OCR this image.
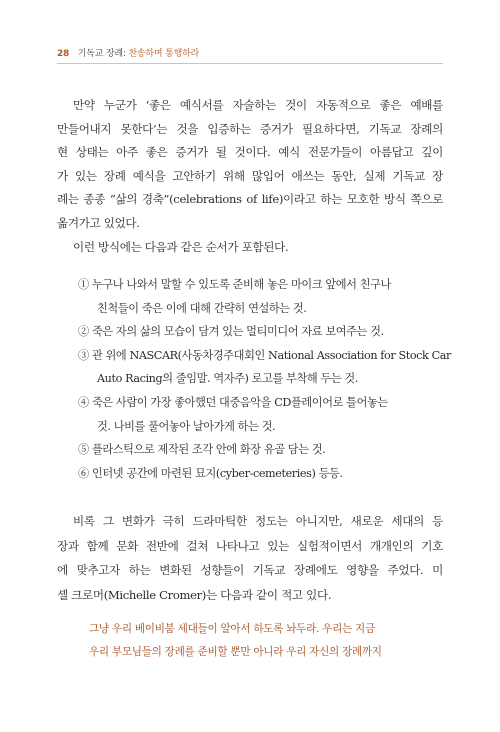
28 기독교 장례: 찬송하며 통행하라
만약 누군가 ‘좋은 예식서를 자술하는 것이 자동적으로 좋은 예배를
만들어내지 못한다’는 것을 입증하는 증거가 필요하다면, 기독교 장례의
현 상태는 아주 좋은 증거가 될 것이다. 예식 전문가들이 아름답고 깊이
가 있는 장례 예식을 고안하기 위해 많입어 애쓰는 동안, 실제 기독교 장
례는 종종 “삶의 경축”(celebrations of life)이라고 하는 모호한 방식 쪽으로
옮겨가고 있었다.
이런 방식에는 다음과 같은 순서가 포함된다.
① 누구나 나와서 말할 수 있도록 준비해 놓은 마이크 앞에서 친구나
친척들이 죽은 이에 대해 간략히 연설하는 것.
② 죽은 자의 삶의 모습이 담겨 있는 멀티미디어 자료 보여주는 것.
③ 관 위에 NASCAR(사동차경주대회인 National Association for Stock Car
Auto Racing의 줄임말. 역자주) 로고를 부착해 두는 것.
④ 죽은 사람이 가장 좋아했던 대중음악을 CD플레이어로 틀어놓는
것. 나비를 풀어놓아 날아가게 하는 것.
⑤ 플라스틱으로 제작된 조각 안에 화장 유골 담는 것.
⑥ 인터넷 공간에 마련된 묘지(cyber-cemeteries) 등등.
비록 그 변화가 극히 드라마틱한 정도는 아니지만, 새로운 세대의 등
장과 함께 문화 전반에 걸쳐 나타나고 있는 실험적이면서 개개인의 기호
에 맞추고자 하는 변화된 성향들이 기독교 장례에도 영향을 주었다. 미
셸 크로머(Michelle Cromer)는 다음과 같이 적고 있다.
그냥 우리 베이비붐 세대들이 알아서 하도록 놔두라. 우리는 지금
우리 부모님들의 장례를 준비할 뿐만 아니라 우리 자신의 장례까지
